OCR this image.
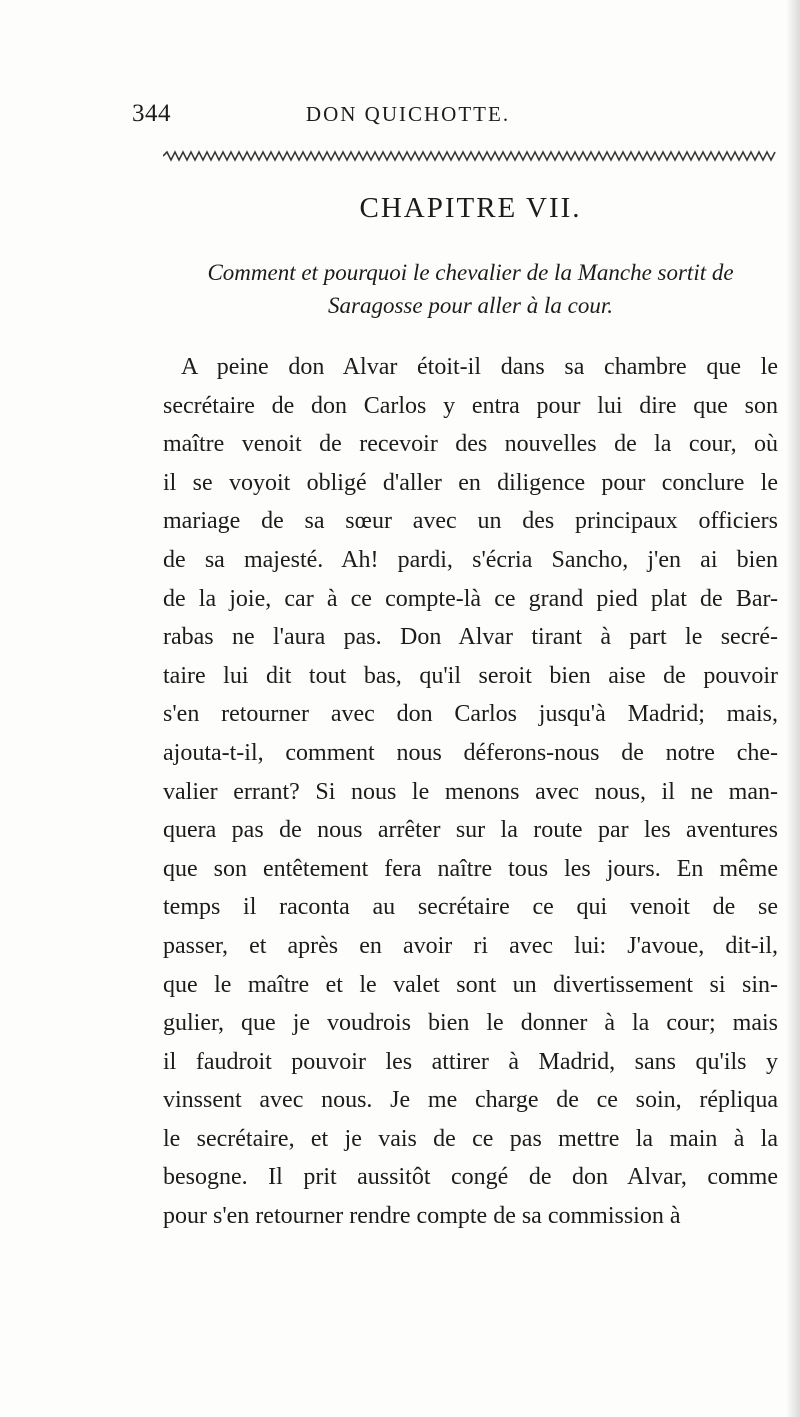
344	DON QUICHOTTE.
CHAPITRE VII.

Comment et pourquoi le chevalier de la Manche sortit de
Saragosse pour aller à la cour.

A peine don Alvar étoit-il dans sa chambre que le
secrétaire de don Carlos y entra pour lui dire que son
maître venoit de recevoir des nouvelles de la cour, où
il se voyoit obligé d'aller en diligence pour conclure le
mariage de sa sœur avec un des principaux officiers
de sa majesté. Ah! pardi, s'écria Sancho, j'en ai bien
de la joie, car à ce compte-là ce grand pied plat de Bar-
rabas ne l'aura pas. Don Alvar tirant à part le secré-
taire lui dit tout bas, qu'il seroit bien aise de pouvoir
s'en retourner avec don Carlos jusqu'à Madrid; mais,
ajouta-t-il, comment nous déferons-nous de notre che-
valier errant? Si nous le menons avec nous, il ne man-
quera pas de nous arrêter sur la route par les aventures
que son entêtement fera naître tous les jours. En même
temps il raconta au secrétaire ce qui venoit de se
passer, et après en avoir ri avec lui: J'avoue, dit-il,
que le maître et le valet sont un divertissement si sin-
gulier, que je voudrois bien le donner à la cour; mais
il faudroit pouvoir les attirer à Madrid, sans qu'ils y
vinssent avec nous. Je me charge de ce soin, répliqua
le secrétaire, et je vais de ce pas mettre la main à la
besogne. Il prit aussitôt congé de don Alvar, comme
pour s'en retourner rendre compte de sa commission à
